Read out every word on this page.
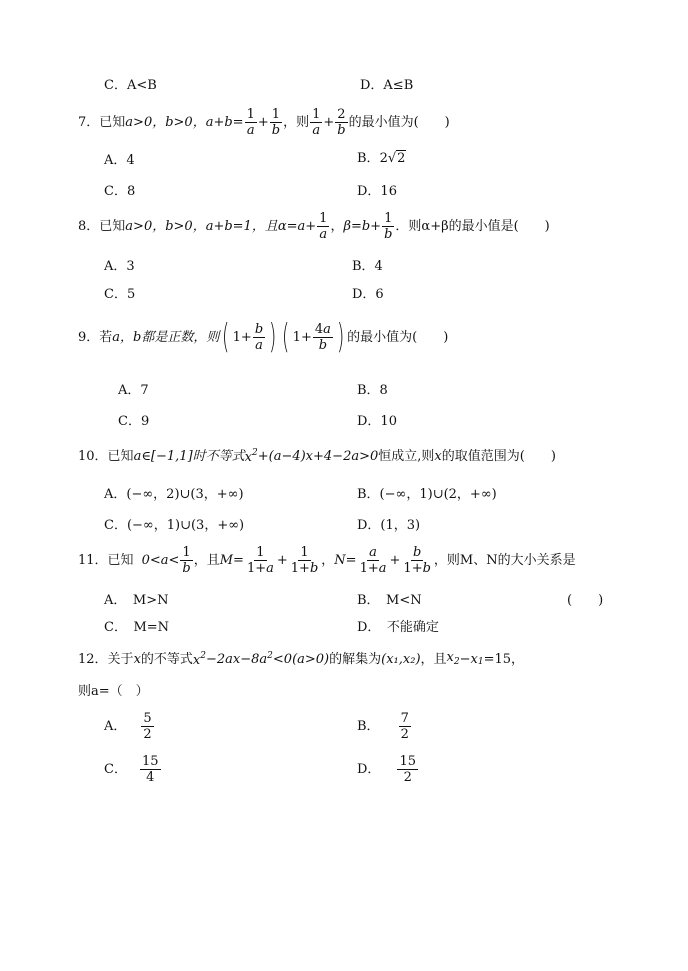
C．A<B	D．A≤B
7． 已知 a>0，b>0，$a+b= \frac{1}{a} + \frac{1}{b}$ ，则 $\frac{1}{a} + \frac{2}{b}$ 的最小值为(　　)
A．4	B．2√2
C．8	D．16
8． 已知 a>0，b>0，a+b=1，且 $\alpha =a+ \frac{1}{a}$ ， $\beta =b+ \frac{1}{b}$ ．则 α+β 的最小值是(　　)
A．3	B．4
C．5	D．6
9． 若 a，b都是正数，则 ( $1+ \frac{b}{a}$ ) ( $1+ \frac{4a}{b}$ ) 的最小值为(　　)
A．7	B．8
C．9	D．10
10． 已知 a∈[−1,1]时不等式 $x^2 +(a-4)x+4-2a>0$ 恒成立,则 x 的取值范围为(　　)
A．(−∞，2)∪(3，+∞)	B．(−∞，1)∪(2，+∞)
C．(−∞，1)∪(3，+∞)	D．(1，3)
11． 已知 $0<a< \frac{1}{b}$ ，且 $M= \frac{1}{1+a} + \frac{1}{1+b}$ ， $N= \frac{a}{1+a} + \frac{b}{1+b}$ ，则M、N的大小关系是
A．　M>N	B．　M<N	(　　)
C．　M=N	D．　不能确定
12． 关于 x 的不等式 $x^2 -2ax-8a$ $^2$ <0(a>0) 的解集为 (x₁,x₂) ，且 $x_2 -x$ $_1$ =15，
则a=（　）
A． $\frac{5}{2}$	B． $\frac{7}{2}$
C． $\frac{15}{4}$	D． $\frac{15}{2}$
